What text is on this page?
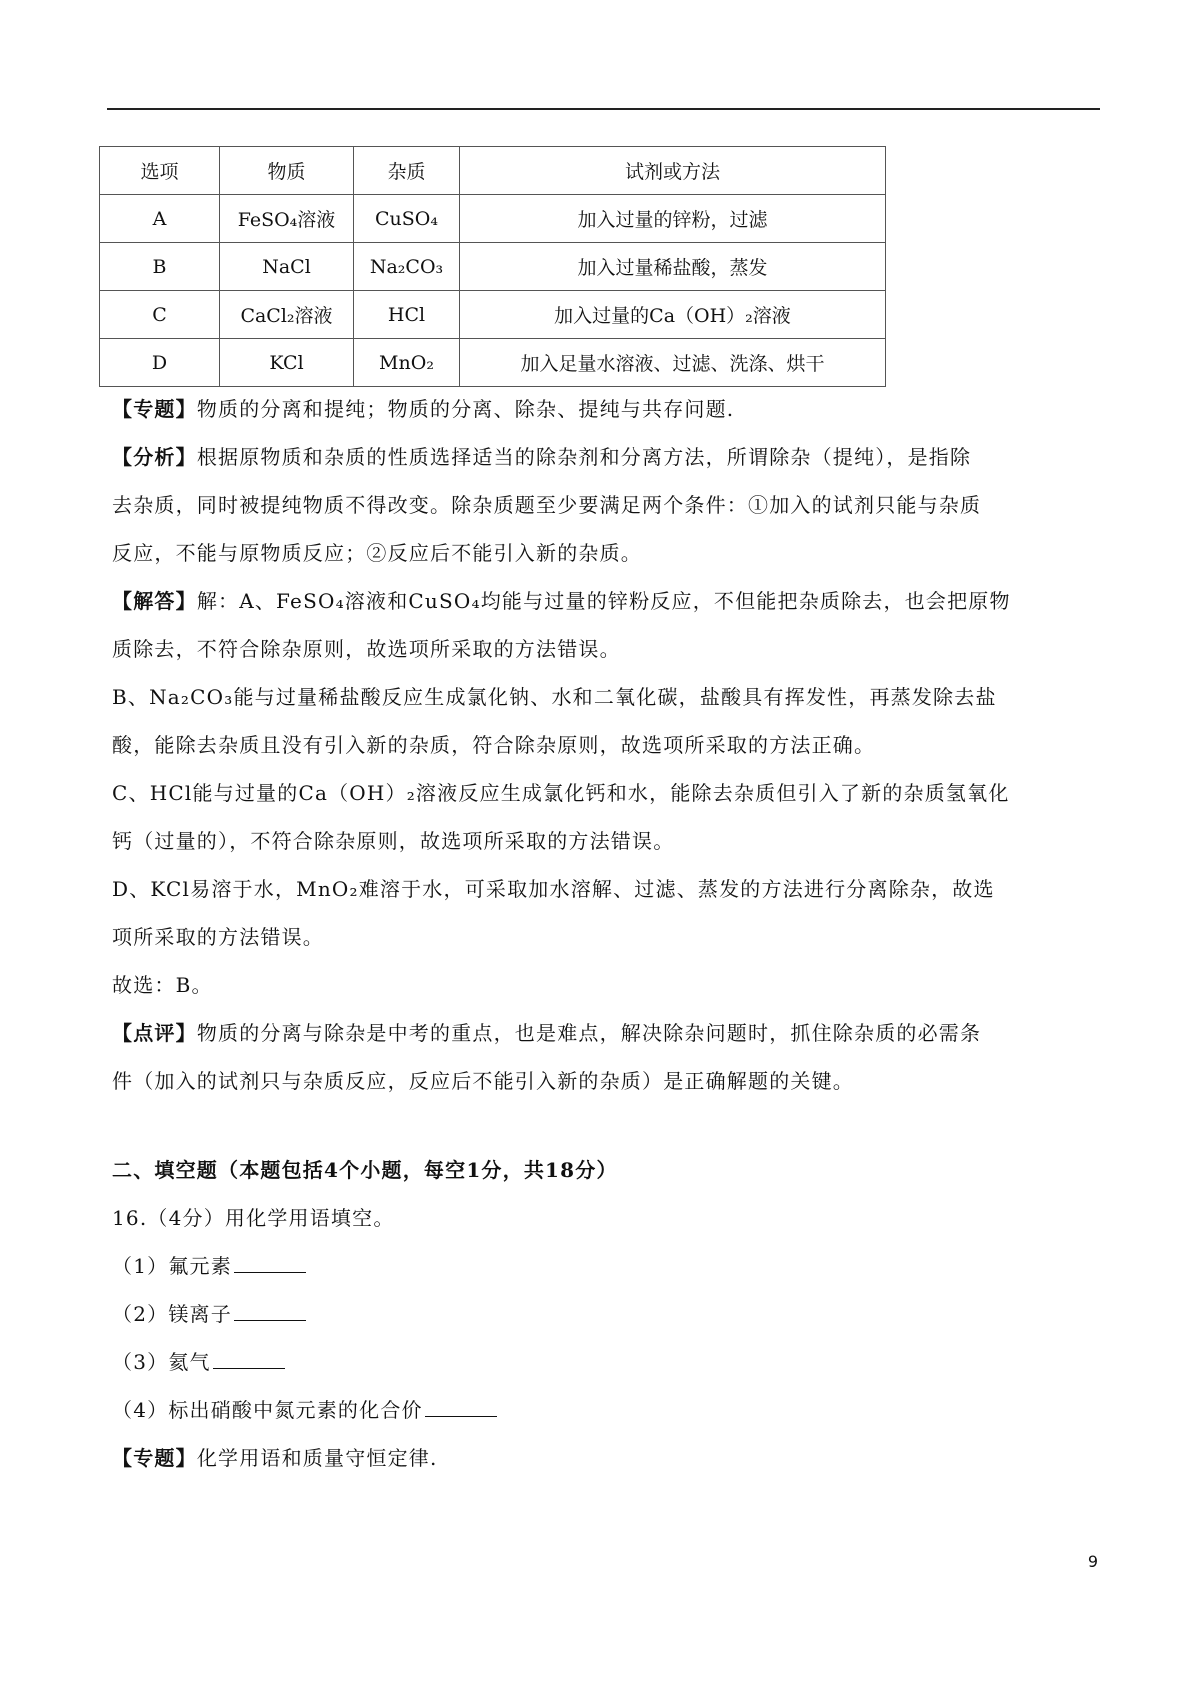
选项	物质	杂质	试剂或方法
A	FeSO₄溶液	CuSO₄	加入过量的锌粉，过滤
B	NaCl	Na₂CO₃	加入过量稀盐酸，蒸发
C	CaCl₂溶液	HCl	加入过量的Ca（OH）₂溶液
D	KCl	MnO₂	加入足量水溶液、过滤、洗涤、烘干
【专题】物质的分离和提纯；物质的分离、除杂、提纯与共存问题.
【分析】根据原物质和杂质的性质选择适当的除杂剂和分离方法，所谓除杂（提纯），是指除
去杂质，同时被提纯物质不得改变。除杂质题至少要满足两个条件：①加入的试剂只能与杂质
反应，不能与原物质反应；②反应后不能引入新的杂质。
【解答】解：A、FeSO₄溶液和CuSO₄均能与过量的锌粉反应，不但能把杂质除去，也会把原物
质除去，不符合除杂原则，故选项所采取的方法错误。
B、Na₂CO₃能与过量稀盐酸反应生成氯化钠、水和二氧化碳，盐酸具有挥发性，再蒸发除去盐
酸，能除去杂质且没有引入新的杂质，符合除杂原则，故选项所采取的方法正确。
C、HCl能与过量的Ca（OH）₂溶液反应生成氯化钙和水，能除去杂质但引入了新的杂质氢氧化
钙（过量的），不符合除杂原则，故选项所采取的方法错误。
D、KCl易溶于水，MnO₂难溶于水，可采取加水溶解、过滤、蒸发的方法进行分离除杂，故选
项所采取的方法错误。
故选：B。
【点评】物质的分离与除杂是中考的重点，也是难点，解决除杂问题时，抓住除杂质的必需条
件（加入的试剂只与杂质反应，反应后不能引入新的杂质）是正确解题的关键。
二、填空题（本题包括4个小题，每空1分，共18分）
16.（4分）用化学用语填空。
（1）氟元素
（2）镁离子
（3）氦气
（4）标出硝酸中氮元素的化合价
【专题】化学用语和质量守恒定律.
9
